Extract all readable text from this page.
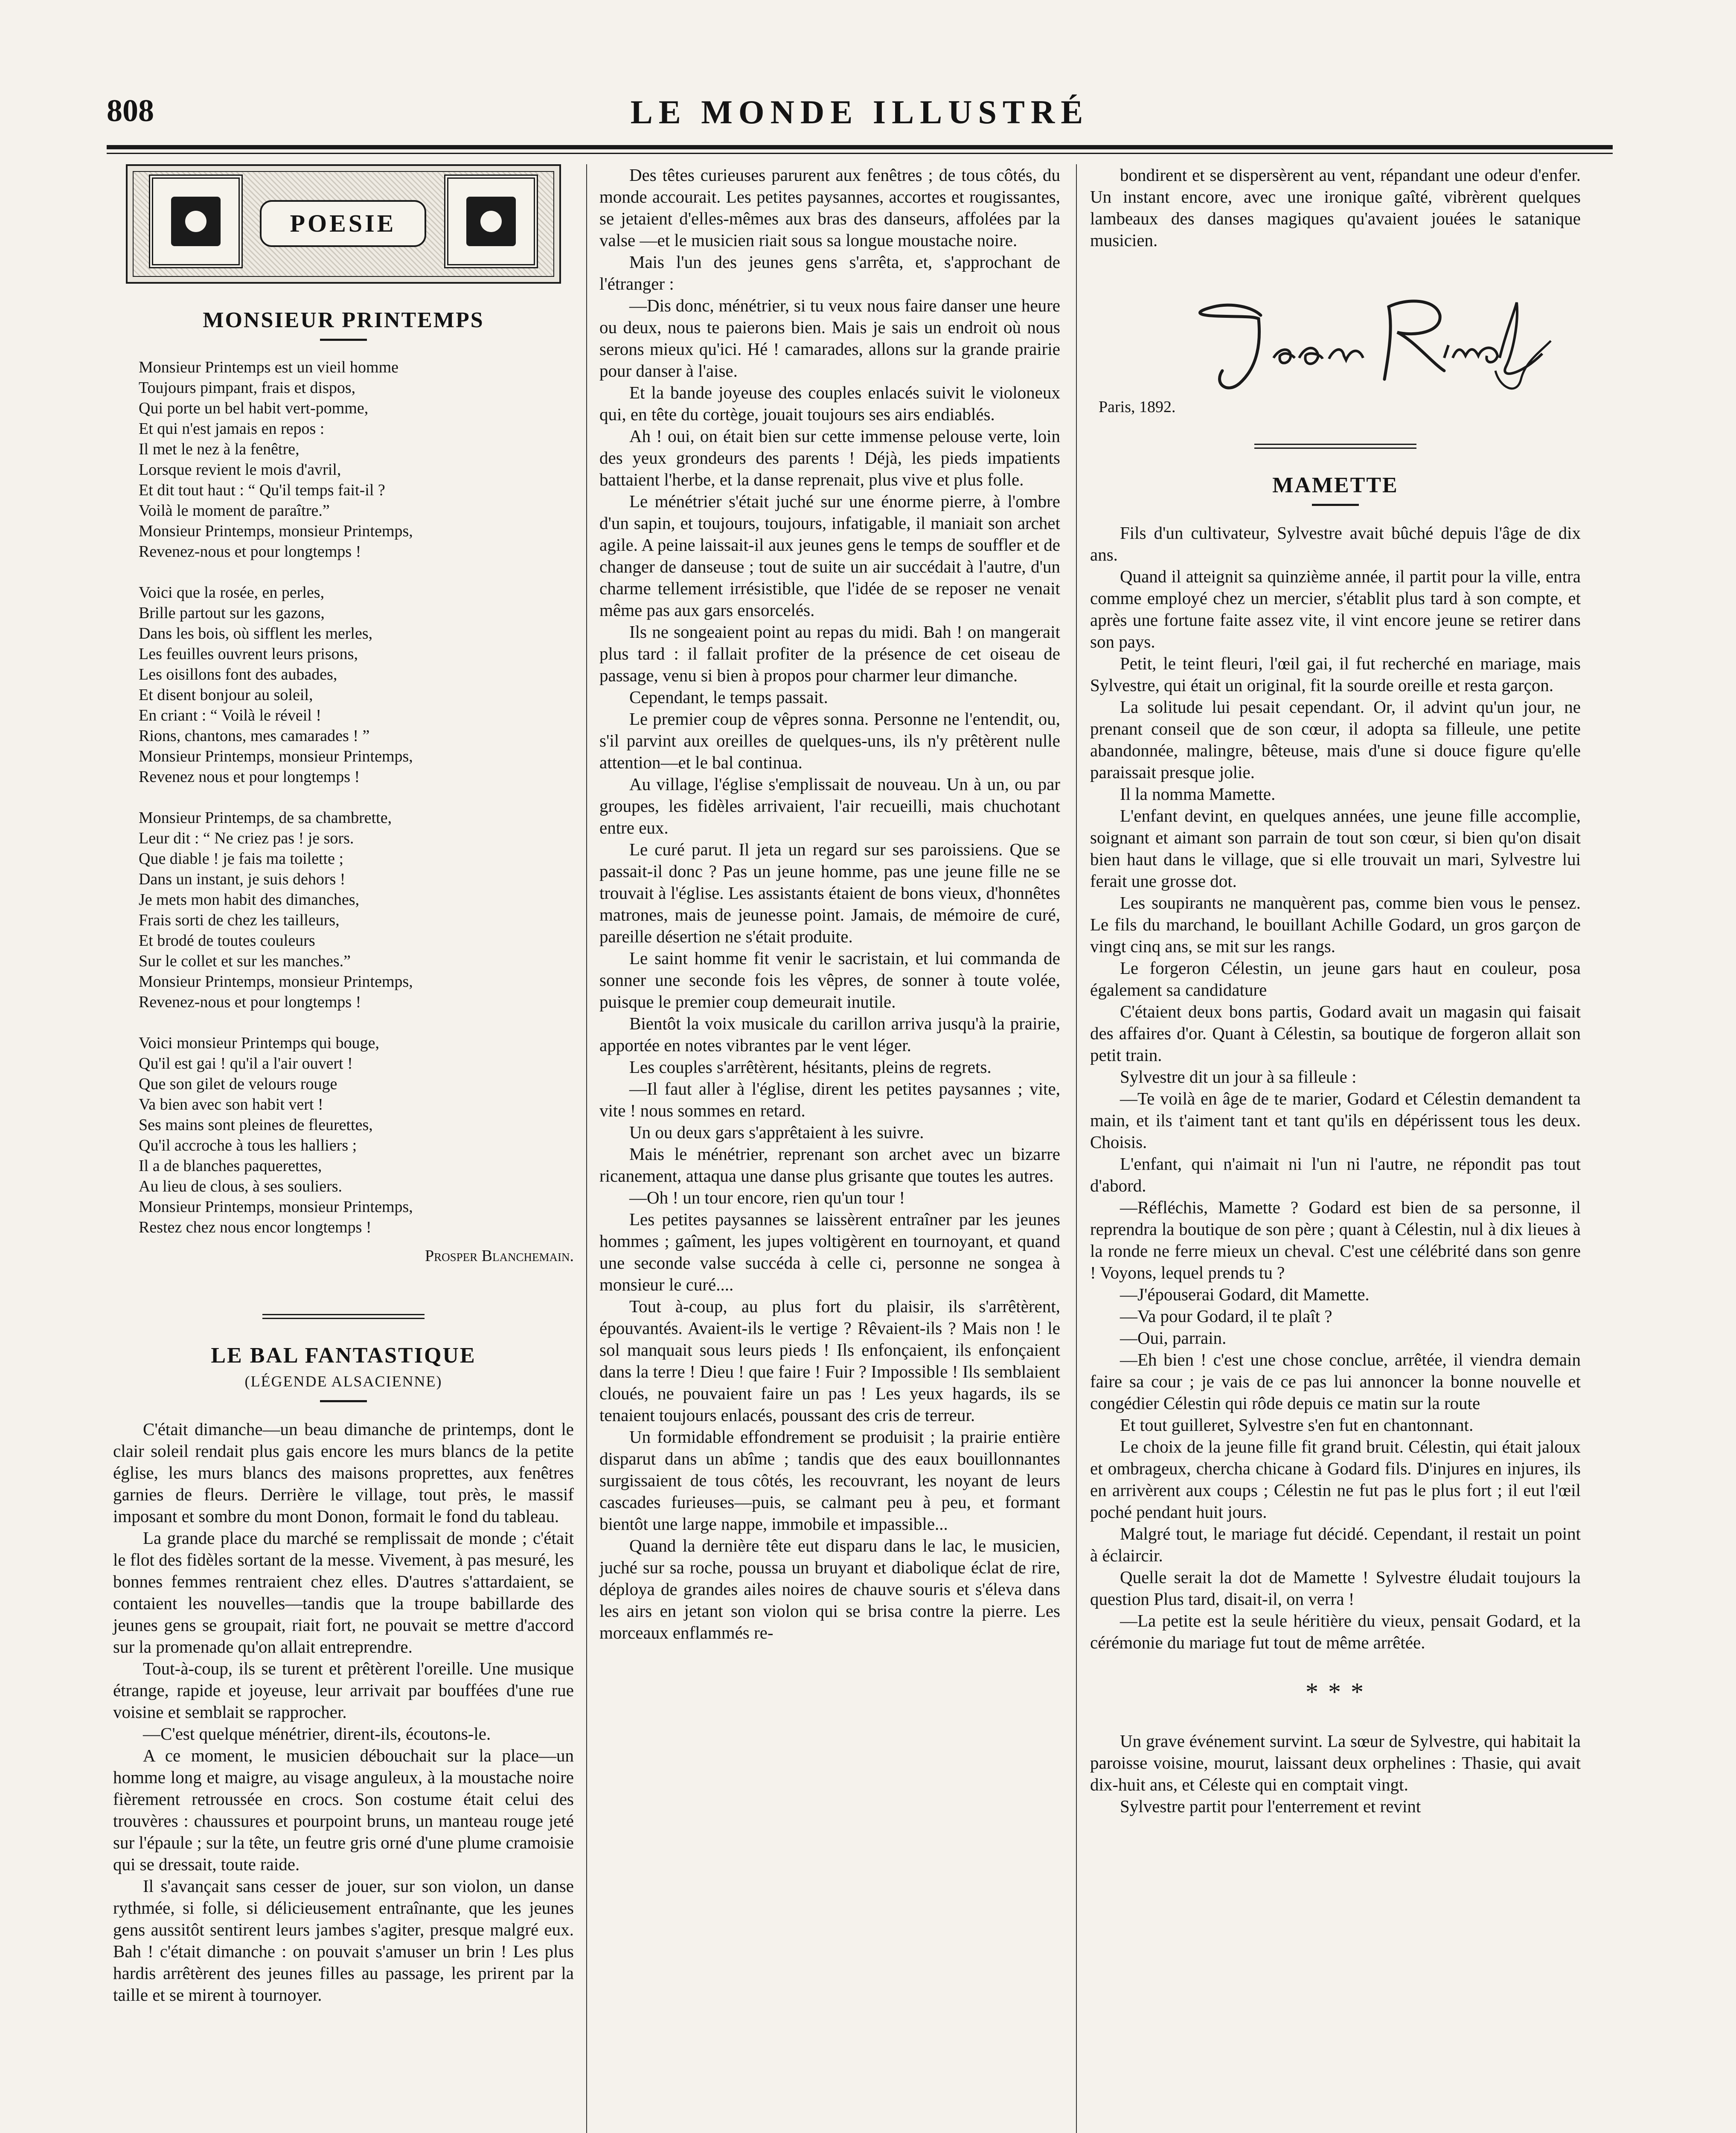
808	LE MONDE ILLUSTRÉ
POESIE
MONSIEUR PRINTEMPS

Monsieur Printemps est un vieil homme

Toujours pimpant, frais et dispos,

Qui porte un bel habit vert-pomme,

Et qui n'est jamais en repos :

Il met le nez à la fenêtre,

Lorsque revient le mois d'avril,

Et dit tout haut : “ Qu'il temps fait-il ?

Voilà le moment de paraître.”

Monsieur Printemps, monsieur Printemps,

Revenez-nous et pour longtemps !

Voici que la rosée, en perles,

Brille partout sur les gazons,

Dans les bois, où sifflent les merles,

Les feuilles ouvrent leurs prisons,

Les oisillons font des aubades,

Et disent bonjour au soleil,

En criant : “ Voilà le réveil !

Rions, chantons, mes camarades ! ”

Monsieur Printemps, monsieur Printemps,

Revenez nous et pour longtemps !

Monsieur Printemps, de sa chambrette,

Leur dit : “ Ne criez pas ! je sors.

Que diable ! je fais ma toilette ;

Dans un instant, je suis dehors !

Je mets mon habit des dimanches,

Frais sorti de chez les tailleurs,

Et brodé de toutes couleurs

Sur le collet et sur les manches.”

Monsieur Printemps, monsieur Printemps,

Revenez-nous et pour longtemps !

Voici monsieur Printemps qui bouge,

Qu'il est gai ! qu'il a l'air ouvert !

Que son gilet de velours rouge

Va bien avec son habit vert !

Ses mains sont pleines de fleurettes,

Qu'il accroche à tous les halliers ;

Il a de blanches paquerettes,

Au lieu de clous, à ses souliers.

Monsieur Printemps, monsieur Printemps,

Restez chez nous encor longtemps !

Prosper Blanchemain.

LE BAL FANTASTIQUE

(LÉGENDE ALSACIENNE)

C'était dimanche—un beau dimanche de printemps, dont le clair soleil rendait plus gais encore les murs blancs de la petite église, les murs blancs des maisons proprettes, aux fenêtres garnies de fleurs. Derrière le village, tout près, le massif imposant et sombre du mont Donon, formait le fond du tableau.

La grande place du marché se remplissait de monde ; c'était le flot des fidèles sortant de la messe. Vivement, à pas mesuré, les bonnes femmes rentraient chez elles. D'autres s'attardaient, se contaient les nouvelles—tandis que la troupe babillarde des jeunes gens se groupait, riait fort, ne pouvait se mettre d'accord sur la promenade qu'on allait entreprendre.

Tout-à-coup, ils se turent et prêtèrent l'oreille. Une musique étrange, rapide et joyeuse, leur arrivait par bouffées d'une rue voisine et semblait se rapprocher.

—C'est quelque ménétrier, dirent-ils, écoutons-le.

A ce moment, le musicien débouchait sur la place—un homme long et maigre, au visage anguleux, à la moustache noire fièrement retroussée en crocs. Son costume était celui des trouvères : chaussures et pourpoint bruns, un manteau rouge jeté sur l'épaule ; sur la tête, un feutre gris orné d'une plume cramoisie qui se dressait, toute raide.

Il s'avançait sans cesser de jouer, sur son violon, un danse rythmée, si folle, si délicieusement entraînante, que les jeunes gens aussitôt sentirent leurs jambes s'agiter, presque malgré eux. Bah ! c'était dimanche : on pouvait s'amuser un brin ! Les plus hardis arrêtèrent des jeunes filles au passage, les prirent par la taille et se mirent à tournoyer.

Des têtes curieuses parurent aux fenêtres ; de tous côtés, du monde accourait. Les petites paysannes, accortes et rougissantes, se jetaient d'elles-mêmes aux bras des danseurs, affolées par la valse —et le musicien riait sous sa longue moustache noire.

Mais l'un des jeunes gens s'arrêta, et, s'approchant de l'étranger :

—Dis donc, ménétrier, si tu veux nous faire danser une heure ou deux, nous te paierons bien. Mais je sais un endroit où nous serons mieux qu'ici. Hé ! camarades, allons sur la grande prairie pour danser à l'aise.

Et la bande joyeuse des couples enlacés suivit le violoneux qui, en tête du cortège, jouait toujours ses airs endiablés.

Ah ! oui, on était bien sur cette immense pelouse verte, loin des yeux grondeurs des parents ! Déjà, les pieds impatients battaient l'herbe, et la danse reprenait, plus vive et plus folle.

Le ménétrier s'était juché sur une énorme pierre, à l'ombre d'un sapin, et toujours, toujours, infatigable, il maniait son archet agile. A peine laissait-il aux jeunes gens le temps de souffler et de changer de danseuse ; tout de suite un air succédait à l'autre, d'un charme tellement irrésistible, que l'idée de se reposer ne venait même pas aux gars ensorcelés.

Ils ne songeaient point au repas du midi. Bah ! on mangerait plus tard : il fallait profiter de la présence de cet oiseau de passage, venu si bien à propos pour charmer leur dimanche.

Cependant, le temps passait.

Le premier coup de vêpres sonna. Personne ne l'entendit, ou, s'il parvint aux oreilles de quelques-uns, ils n'y prêtèrent nulle attention—et le bal continua.

Au village, l'église s'emplissait de nouveau. Un à un, ou par groupes, les fidèles arrivaient, l'air recueilli, mais chuchotant entre eux.

Le curé parut. Il jeta un regard sur ses paroissiens. Que se passait-il donc ? Pas un jeune homme, pas une jeune fille ne se trouvait à l'église. Les assistants étaient de bons vieux, d'honnêtes matrones, mais de jeunesse point. Jamais, de mémoire de curé, pareille désertion ne s'était produite.

Le saint homme fit venir le sacristain, et lui commanda de sonner une seconde fois les vêpres, de sonner à toute volée, puisque le premier coup demeurait inutile.

Bientôt la voix musicale du carillon arriva jusqu'à la prairie, apportée en notes vibrantes par le vent léger.

Les couples s'arrêtèrent, hésitants, pleins de regrets.

—Il faut aller à l'église, dirent les petites paysannes ; vite, vite ! nous sommes en retard.

Un ou deux gars s'apprêtaient à les suivre.

Mais le ménétrier, reprenant son archet avec un bizarre ricanement, attaqua une danse plus grisante que toutes les autres.

—Oh ! un tour encore, rien qu'un tour !

Les petites paysannes se laissèrent entraîner par les jeunes hommes ; gaîment, les jupes voltigèrent en tournoyant, et quand une seconde valse succéda à celle ci, personne ne songea à monsieur le curé....

Tout à-coup, au plus fort du plaisir, ils s'arrêtèrent, épouvantés. Avaient-ils le vertige ? Rêvaient-ils ? Mais non ! le sol manquait sous leurs pieds ! Ils enfonçaient, ils enfonçaient dans la terre ! Dieu ! que faire ! Fuir ? Impossible ! Ils semblaient cloués, ne pouvaient faire un pas ! Les yeux hagards, ils se tenaient toujours enlacés, poussant des cris de terreur.

Un formidable effondrement se produisit ; la prairie entière disparut dans un abîme ; tandis que des eaux bouillonnantes surgissaient de tous côtés, les recouvrant, les noyant de leurs cascades furieuses—puis, se calmant peu à peu, et formant bientôt une large nappe, immobile et impassible...

Quand la dernière tête eut disparu dans le lac, le musicien, juché sur sa roche, poussa un bruyant et diabolique éclat de rire, déploya de grandes ailes noires de chauve souris et s'éleva dans les airs en jetant son violon qui se brisa contre la pierre. Les morceaux enflammés re-

bondirent et se dispersèrent au vent, répandant une odeur d'enfer. Un instant encore, avec une ironique gaîté, vibrèrent quelques lambeaux des danses magiques qu'avaient jouées le satanique musicien.

Paris, 1892.

MAMETTE

Fils d'un cultivateur, Sylvestre avait bûché depuis l'âge de dix ans.

Quand il atteignit sa quinzième année, il partit pour la ville, entra comme employé chez un mercier, s'établit plus tard à son compte, et après une fortune faite assez vite, il vint encore jeune se retirer dans son pays.

Petit, le teint fleuri, l'œil gai, il fut recherché en mariage, mais Sylvestre, qui était un original, fit la sourde oreille et resta garçon.

La solitude lui pesait cependant. Or, il advint qu'un jour, ne prenant conseil que de son cœur, il adopta sa filleule, une petite abandonnée, malingre, bêteuse, mais d'une si douce figure qu'elle paraissait presque jolie.

Il la nomma Mamette.

L'enfant devint, en quelques années, une jeune fille accomplie, soignant et aimant son parrain de tout son cœur, si bien qu'on disait bien haut dans le village, que si elle trouvait un mari, Sylvestre lui ferait une grosse dot.

Les soupirants ne manquèrent pas, comme bien vous le pensez. Le fils du marchand, le bouillant Achille Godard, un gros garçon de vingt cinq ans, se mit sur les rangs.

Le forgeron Célestin, un jeune gars haut en couleur, posa également sa candidature

C'étaient deux bons partis, Godard avait un magasin qui faisait des affaires d'or. Quant à Célestin, sa boutique de forgeron allait son petit train.

Sylvestre dit un jour à sa filleule :

—Te voilà en âge de te marier, Godard et Célestin demandent ta main, et ils t'aiment tant et tant qu'ils en dépérissent tous les deux. Choisis.

L'enfant, qui n'aimait ni l'un ni l'autre, ne répondit pas tout d'abord.

—Réfléchis, Mamette ? Godard est bien de sa personne, il reprendra la boutique de son père ; quant à Célestin, nul à dix lieues à la ronde ne ferre mieux un cheval. C'est une célébrité dans son genre ! Voyons, lequel prends tu ?

—J'épouserai Godard, dit Mamette.

—Va pour Godard, il te plaît ?

—Oui, parrain.

—Eh bien ! c'est une chose conclue, arrêtée, il viendra demain faire sa cour ; je vais de ce pas lui annoncer la bonne nouvelle et congédier Célestin qui rôde depuis ce matin sur la route

Et tout guilleret, Sylvestre s'en fut en chantonnant.

Le choix de la jeune fille fit grand bruit. Célestin, qui était jaloux et ombrageux, chercha chicane à Godard fils. D'injures en injures, ils en arrivèrent aux coups ; Célestin ne fut pas le plus fort ; il eut l'œil poché pendant huit jours.

Malgré tout, le mariage fut décidé. Cependant, il restait un point à éclaircir.

Quelle serait la dot de Mamette ! Sylvestre éludait toujours la question Plus tard, disait-il, on verra !

—La petite est la seule héritière du vieux, pensait Godard, et la cérémonie du mariage fut tout de même arrêtée.

* * *

Un grave événement survint. La sœur de Sylvestre, qui habitait la paroisse voisine, mourut, laissant deux orphelines : Thasie, qui avait dix-huit ans, et Céleste qui en comptait vingt.

Sylvestre partit pour l'enterrement et revint
